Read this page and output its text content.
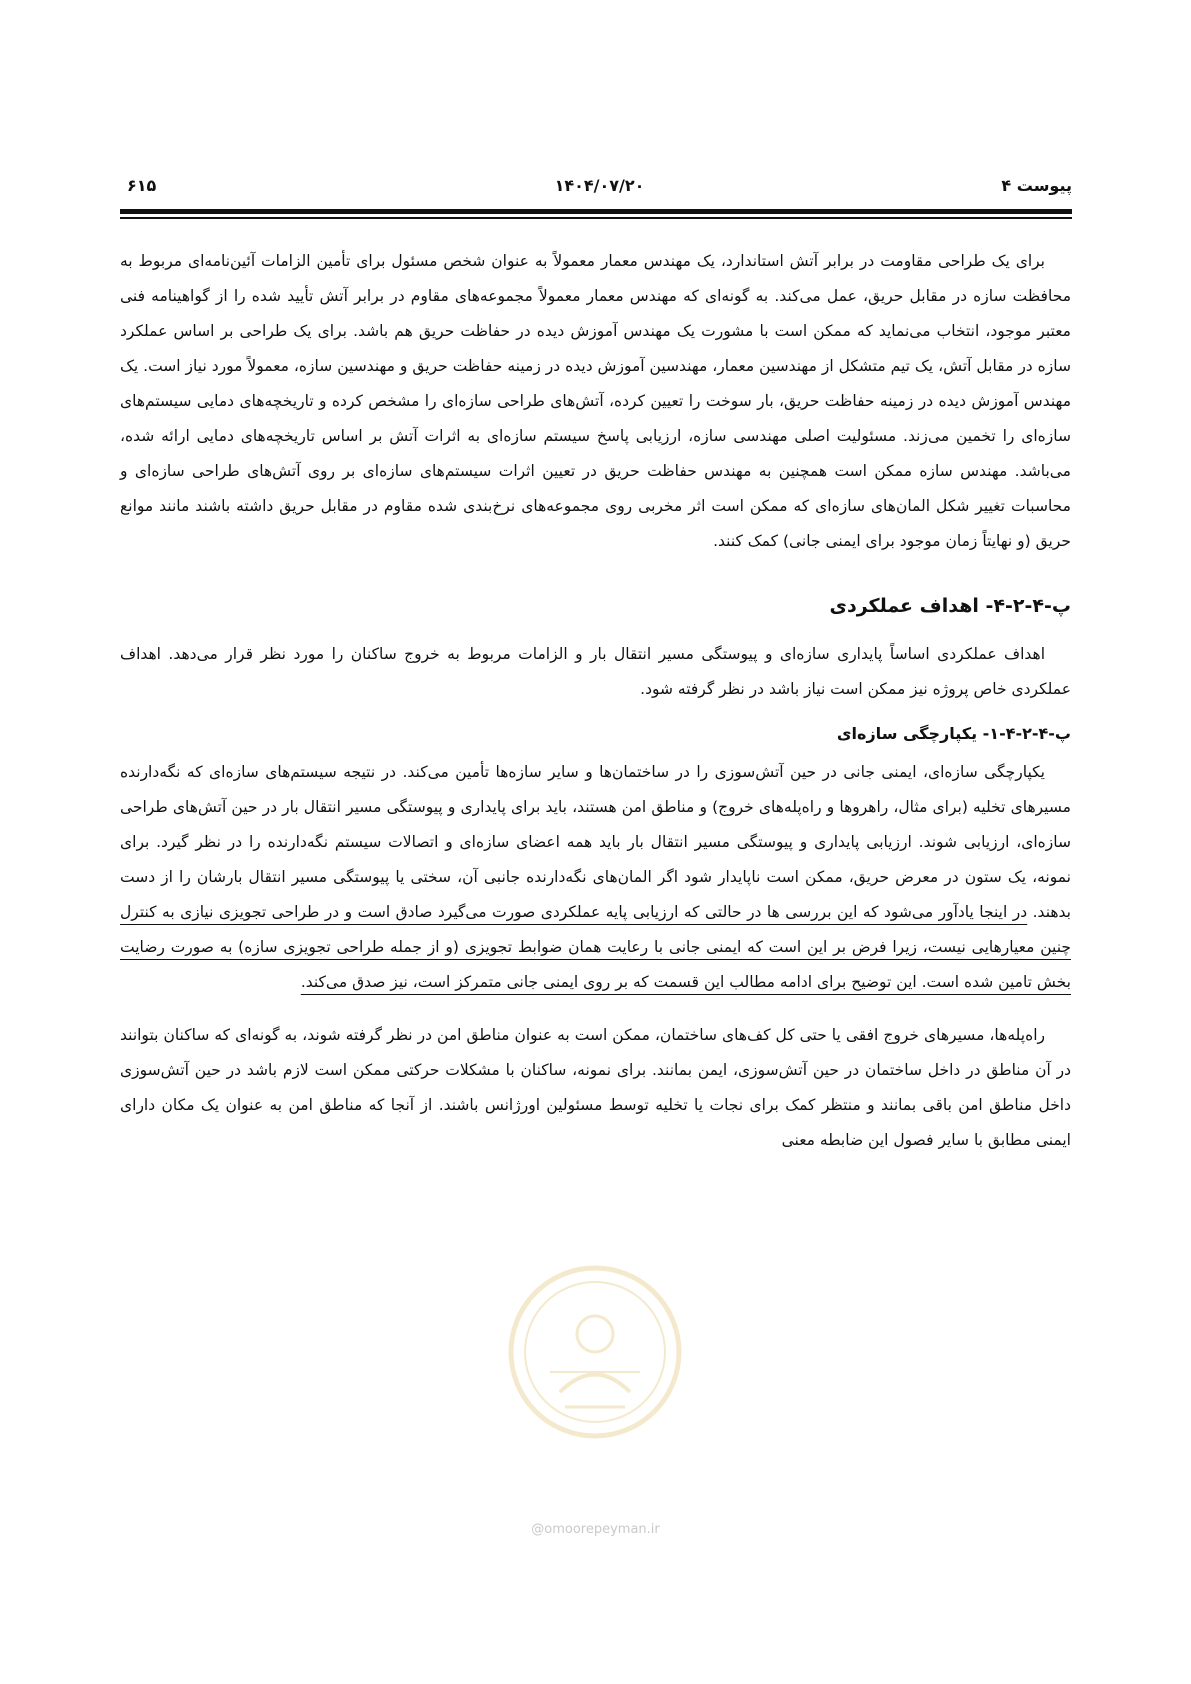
پیوست ۴
۱۴۰۴/۰۷/۲۰
۶۱۵

برای یک طراحی مقاومت در برابر آتش استاندارد، یک مهندس معمار معمولاً به عنوان شخص مسئول برای تأمین الزامات آئین‌نامه‌ای مربوط به محافظت سازه در مقابل حریق، عمل می‌کند. به گونه‌ای که مهندس معمار معمولاً مجموعه‌های مقاوم در برابر آتش تأیید شده را از گواهینامه فنی معتبر موجود، انتخاب می‌نماید که ممکن است با مشورت یک مهندس آموزش دیده در حفاظت حریق هم باشد. برای یک طراحی بر اساس عملکرد سازه در مقابل آتش، یک تیم متشکل از مهندسین معمار، مهندسین آموزش دیده در زمینه حفاظت حریق و مهندسین سازه، معمولاً مورد نیاز است. یک مهندس آموزش دیده در زمینه حفاظت حریق، بار سوخت را تعیین کرده، آتش‌های طراحی سازه‌ای را مشخص کرده و تاریخچه‌های دمایی سیستم‌های سازه‌ای را تخمین می‌زند. مسئولیت اصلی مهندسی سازه، ارزیابی پاسخ سیستم سازه‌ای به اثرات آتش بر اساس تاریخچه‌های دمایی ارائه شده، می‌باشد. مهندس سازه ممکن است همچنین به مهندس حفاظت حریق در تعیین اثرات سیستم‌های سازه‌ای بر روی آتش‌های طراحی سازه‌ای و محاسبات تغییر شکل المان‌های سازه‌ای که ممکن است اثر مخربی روی مجموعه‌های نرخ‌بندی شده مقاوم در مقابل حریق داشته باشند مانند موانع حریق (و نهایتاً زمان موجود برای ایمنی جانی) کمک کنند.

پ-۴-۲-۴- اهداف عملکردی

اهداف عملکردی اساساً پایداری سازه‌ای و پیوستگی مسیر انتقال بار و الزامات مربوط به خروج ساکنان را مورد نظر قرار می‌دهد. اهداف عملکردی خاص پروژه نیز ممکن است نیاز باشد در نظر گرفته شود.

پ-۴-۲-۴-۱- یکپارچگی سازه‌ای

یکپارچگی سازه‌ای، ایمنی جانی در حین آتش‌سوزی را در ساختمان‌ها و سایر سازه‌ها تأمین می‌کند. در نتیجه سیستم‌های سازه‌ای که نگه‌دارنده مسیرهای تخلیه (برای مثال، راهروها و راه‌پله‌های خروج) و مناطق امن هستند، باید برای پایداری و پیوستگی مسیر انتقال بار در حین آتش‌های طراحی سازه‌ای، ارزیابی شوند. ارزیابی پایداری و پیوستگی مسیر انتقال بار باید همه اعضای سازه‌ای و اتصالات سیستم نگه‌دارنده را در نظر گیرد. برای نمونه، یک ستون در معرض حریق، ممکن است ناپایدار شود اگر المان‌های نگه‌دارنده جانبی آن، سختی یا پیوستگی مسیر انتقال بارشان را از دست بدهند. در اینجا یادآور می‌شود که این بررسی ها در حالتی که ارزیابی پایه عملکردی صورت می‌گیرد صادق است و در طراحی تجویزی نیازی به کنترل چنین معیارهایی نیست، زیرا فرض بر این است که ایمنی جانی با رعایت همان ضوابط تجویزی (و از جمله طراحی تجویزی سازه) به صورت رضایت بخش تامین شده است. این توضیح برای ادامه مطالب این قسمت که بر روی ایمنی جانی متمرکز است، نیز صدق می‌کند.

راه‌پله‌ها، مسیرهای خروج افقی یا حتی کل کف‌های ساختمان، ممکن است به عنوان مناطق امن در نظر گرفته شوند، به گونه‌ای که ساکنان بتوانند در آن مناطق در داخل ساختمان در حین آتش‌سوزی، ایمن بمانند. برای نمونه، ساکنان با مشکلات حرکتی ممکن است لازم باشد در حین آتش‌سوزی داخل مناطق امن باقی بمانند و منتظر کمک برای نجات یا تخلیه توسط مسئولین اورژانس باشند. از آنجا که مناطق امن به عنوان یک مکان دارای ایمنی مطابق با سایر فصول این ضابطه معنی

@omoorepeyman.ir
